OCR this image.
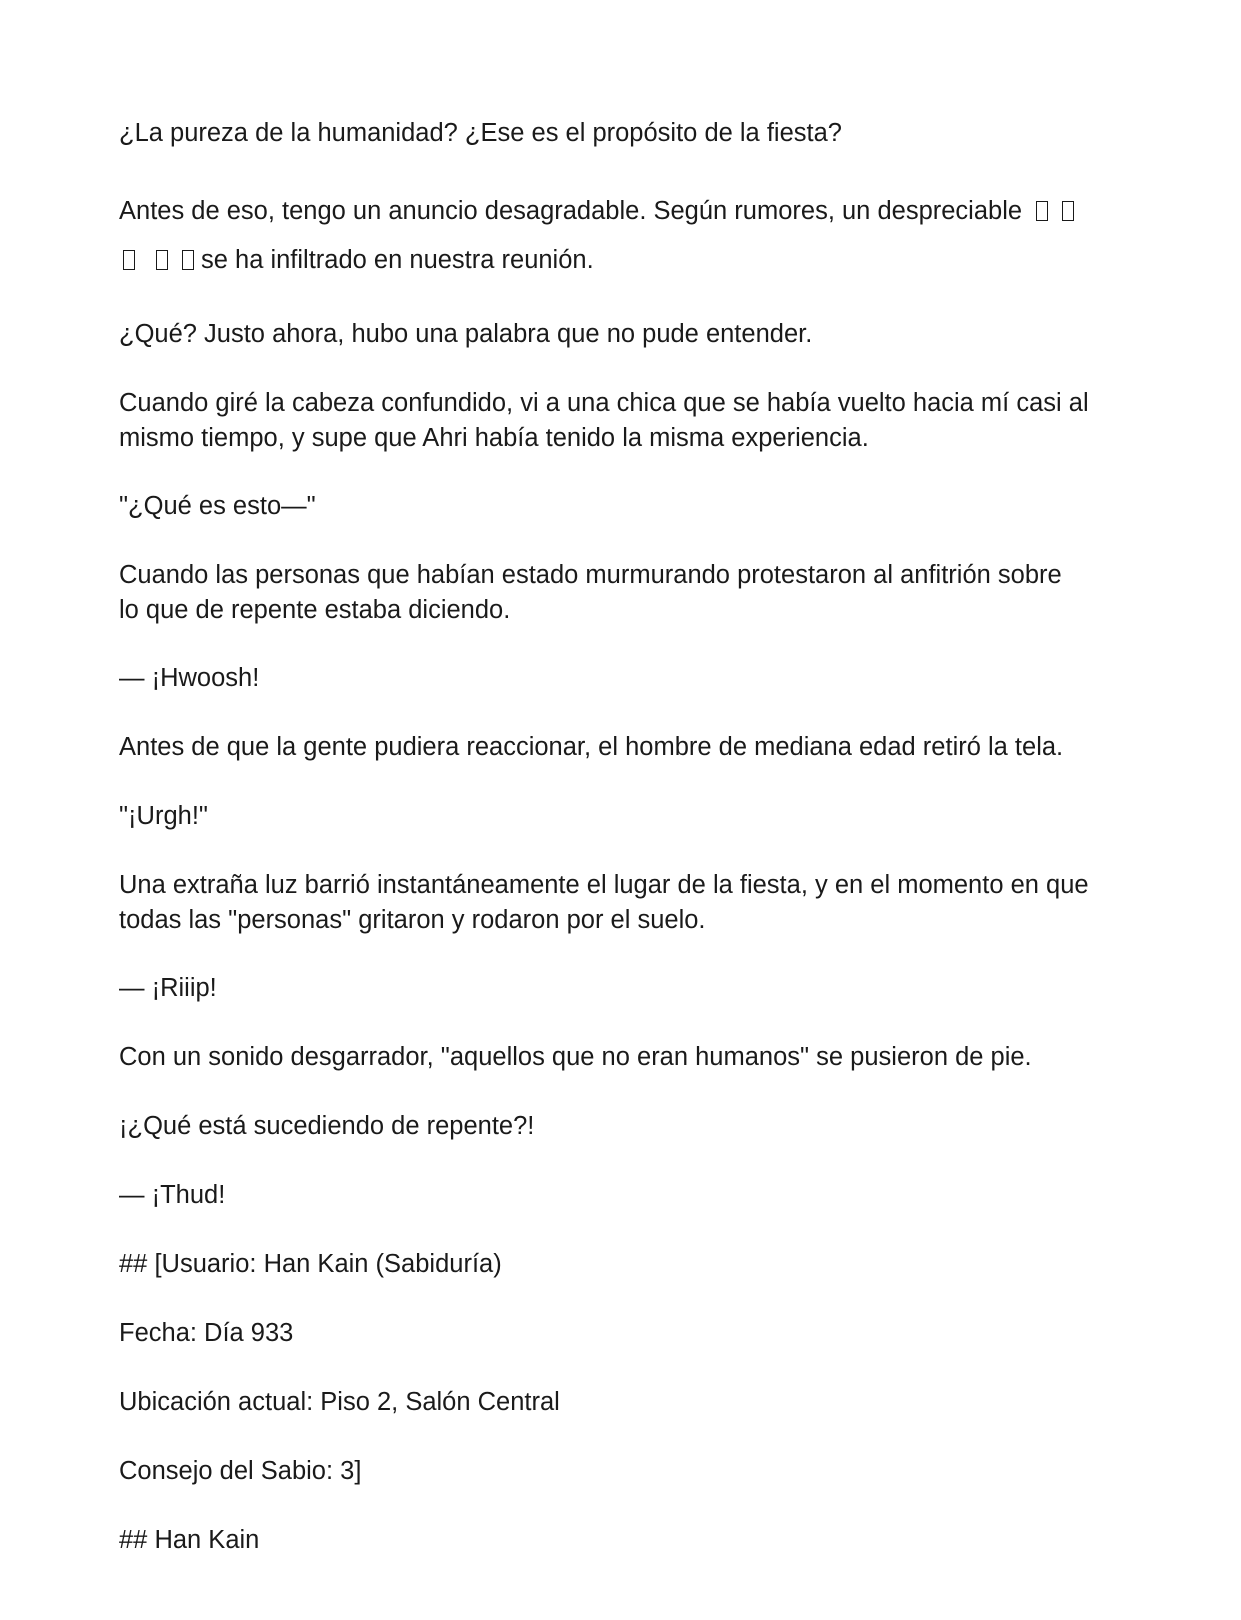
¿La pureza de la humanidad? ¿Ese es el propósito de la fiesta?

Antes de eso, tengo un anuncio desagradable. Según rumores, un despreciable
se ha infiltrado en nuestra reunión.

¿Qué? Justo ahora, hubo una palabra que no pude entender.

Cuando giré la cabeza confundido, vi a una chica que se había vuelto hacia mí casi al
mismo tiempo, y supe que Ahri había tenido la misma experiencia.

"¿Qué es esto—"

Cuando las personas que habían estado murmurando protestaron al anfitrión sobre
lo que de repente estaba diciendo.

— ¡Hwoosh!

Antes de que la gente pudiera reaccionar, el hombre de mediana edad retiró la tela.

"¡Urgh!"

Una extraña luz barrió instantáneamente el lugar de la fiesta, y en el momento en que
todas las "personas" gritaron y rodaron por el suelo.

— ¡Riiip!

Con un sonido desgarrador, "aquellos que no eran humanos" se pusieron de pie.

¡¿Qué está sucediendo de repente?!

— ¡Thud!

## [Usuario: Han Kain (Sabiduría)

Fecha: Día 933

Ubicación actual: Piso 2, Salón Central

Consejo del Sabio: 3]

## Han Kain
